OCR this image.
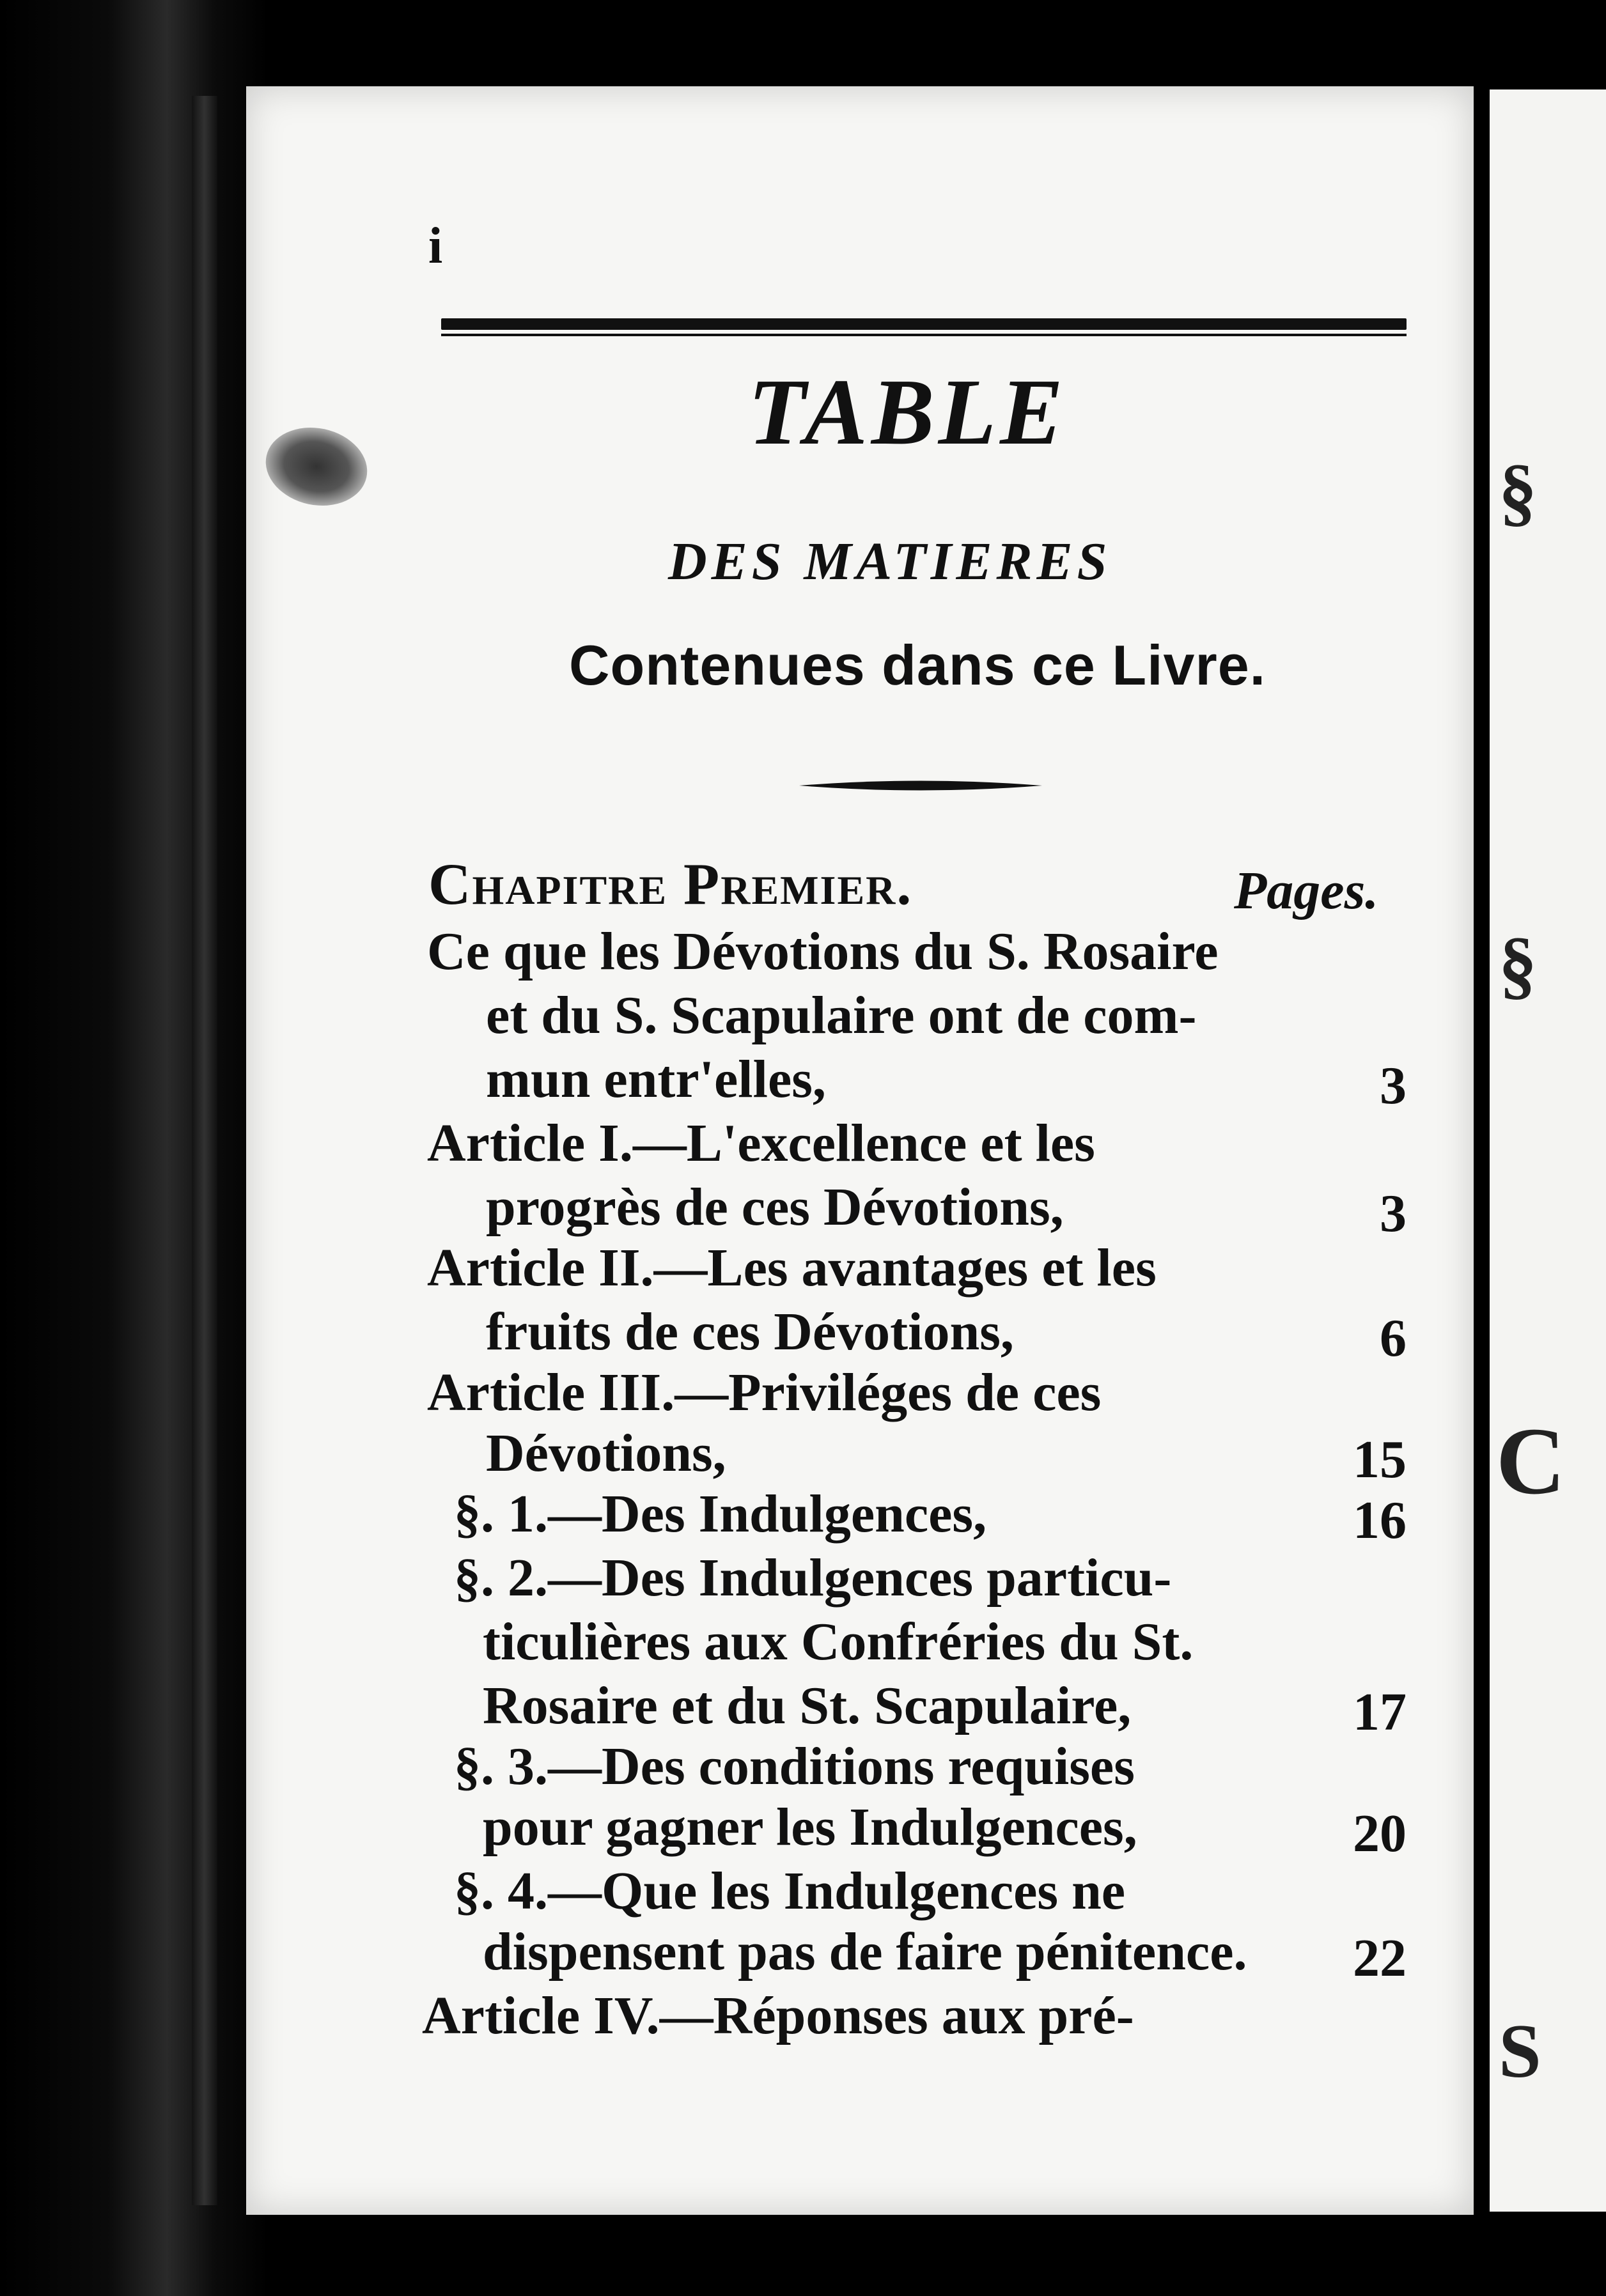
§
§
C
S
i
TABLE
DES MATIERES
Contenues dans ce Livre.
Chapitre Premier.	Pages.
Ce que les Dévotions du S. Rosaire
et du S. Scapulaire ont de com-
mun entr'elles,	3
Article I.—L'excellence et les
progrès de ces Dévotions,	3
Article II.—Les avantages et les
fruits de ces Dévotions,	6
Article III.—Priviléges de ces
Dévotions,	15
§. 1.—Des Indulgences,	16
§. 2.—Des Indulgences particu-
ticulières aux Confréries du St.
Rosaire et du St. Scapulaire,	17
§. 3.—Des conditions requises
pour gagner les Indulgences,	20
§. 4.—Que les Indulgences ne
dispensent pas de faire pénitence.	22
Article IV.—Réponses aux pré-
